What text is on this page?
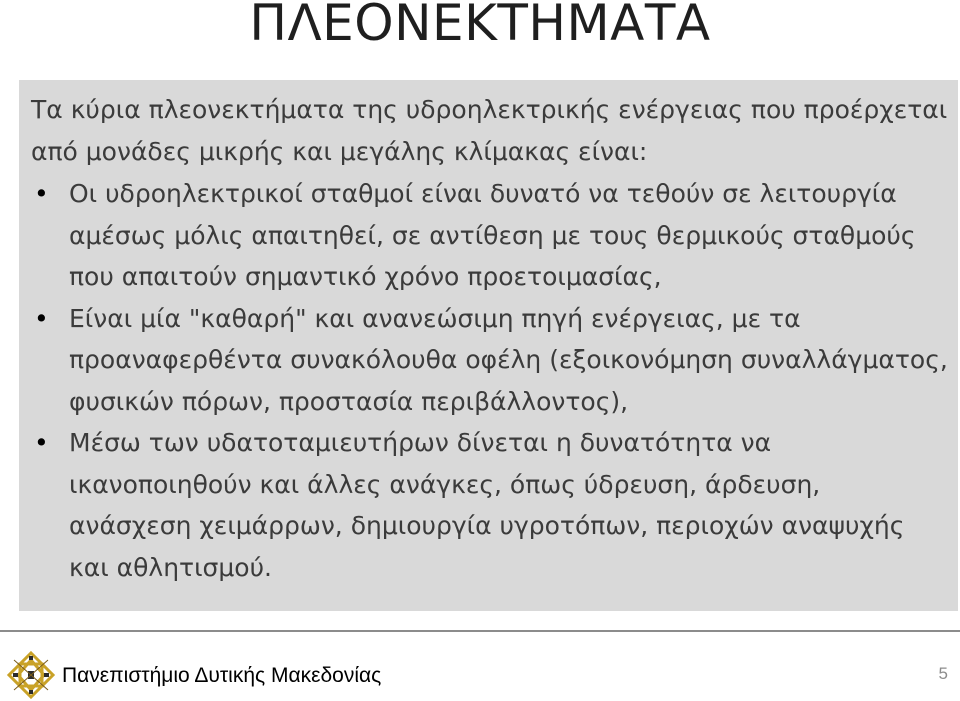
ΠΛΕΟΝΕΚΤΗΜΑΤΑ

Τα κύρια πλεονεκτήματα της υδροηλεκτρικής ενέργειας που προέρχεται από μονάδες μικρής και μεγάλης κλίμακας είναι:

• Οι υδροηλεκτρικοί σταθμοί είναι δυνατό να τεθούν σε λειτουργία αμέσως μόλις απαιτηθεί, σε αντίθεση με τους θερμικούς σταθμούς που απαιτούν σημαντικό χρόνο προετοιμασίας,
• Είναι μία "καθαρή" και ανανεώσιμη πηγή ενέργειας, με τα προαναφερθέντα συνακόλουθα οφέλη (εξοικονόμηση συναλλάγματος, φυσικών πόρων, προστασία περιβάλλοντος),
• Μέσω των υδατοταμιευτήρων δίνεται η δυνατότητα να ικανοποιηθούν και άλλες ανάγκες, όπως ύδρευση, άρδευση, ανάσχεση χειμάρρων, δημιουργία υγροτόπων, περιοχών αναψυχής και αθλητισμού.
Πανεπιστήμιο Δυτικής Μακεδονίας	5
